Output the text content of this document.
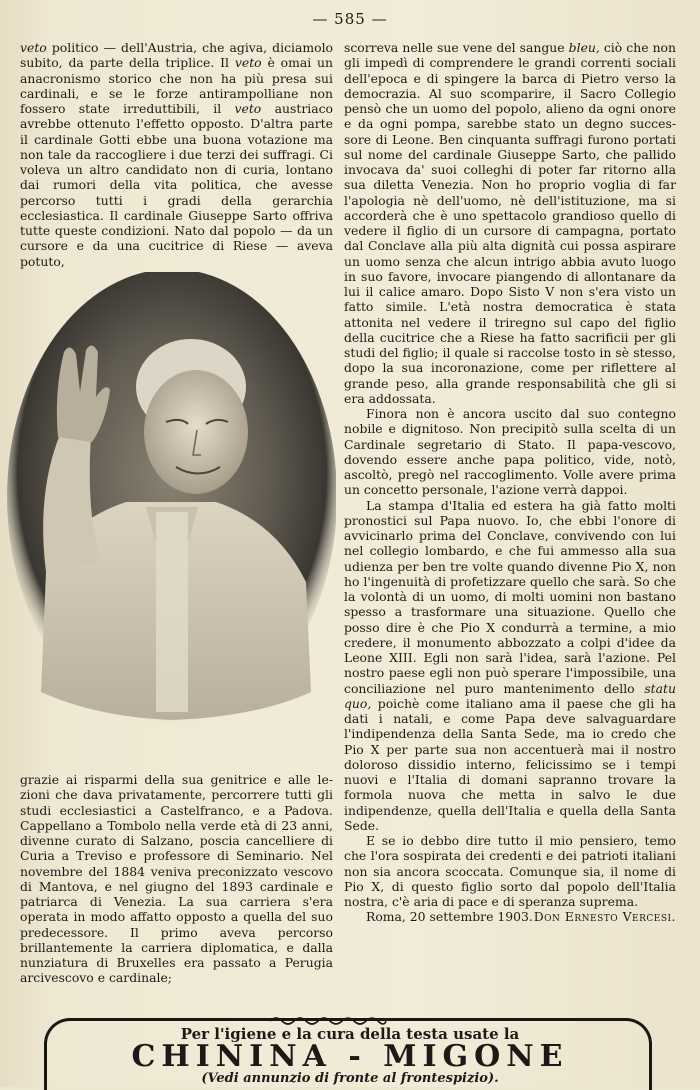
— 585 —

veto politico — dell'Austria, che agiva, diciamolo subito, da parte della triplice. Il veto è omai un anacronismo storico che non ha più presa sui cardinali, e se le forze antirampolliane non fossero state irreduttibili, il veto austriaco avrebbe ottenuto l'effetto opposto. D'altra parte il cardinale Gotti ebbe una buona votazione ma non tale da raccogliere i due terzi dei suffragi. Ci voleva un altro candidato non di curia, lontano dai rumori della vita politica, che avesse percorso tutti i gradi della gerarchia ecclesiastica. Il cardinale Giuseppe Sarto offriva tutte queste condizioni. Nato dal popolo — da un cursore e da una cucitrice di Riese — aveva potuto,

grazie ai risparmi della sua genitrice e alle lezioni che dava privatamente, percorrere tutti gli studi ecclesiastici a Castelfranco, e a Padova. Cappellano a Tombolo nella verde età di 23 anni, divenne curato di Salzano, poscia cancelliere di Curia a Treviso e professore di Seminario. Nel novembre del 1884 veniva preconizzato vescovo di Mantova, e nel giugno del 1893 cardinale e patriarca di Venezia. La sua carriera s'era operata in modo affatto opposto a quella del suo predecessore. Il primo aveva percorso brillantemente la carriera diplomatica, e dalla nunziatura di Bruxelles era passato a Perugia arcivescovo e cardinale;

scorreva nelle sue vene del sangue bleu, ciò che non gli impedì di comprendere le grandi correnti sociali dell'epoca e di spingere la barca di Pietro verso la democrazia. Al suo scomparire, il Sacro Collegio pensò che un uomo del popolo, alieno da ogni onore e da ogni pompa, sarebbe stato un degno successore di Leone. Ben cinquanta suffragi furono portati sul nome del cardinale Giuseppe Sarto, che pallido invocava da' suoi colleghi di poter far ritorno alla sua diletta Venezia. Non ho proprio voglia di far l'apologia nè dell'uomo, nè dell'istituzione, ma si accorderà che è uno spettacolo grandioso quello di vedere il figlio di un cursore di campagna, portato dal Conclave alla più alta dignità cui possa aspirare un uomo senza che alcun intrigo abbia avuto luogo in suo favore, invocare piangendo di allontanare da lui il calice amaro. Dopo Sisto V non s'era visto un fatto simile. L'età nostra democratica è stata attonita nel vedere il triregno sul capo del figlio della cucitrice che a Riese ha fatto sacrificii per gli studi del figlio; il quale si raccolse tosto in sè stesso, dopo la sua incoronazione, come per riflettere al grande peso, alla grande responsabilità che gli si era addossata.

Finora non è ancora uscito dal suo contegno nobile e dignitoso. Non precipitò sulla scelta di un Cardinale segretario di Stato. Il papa-vescovo, dovendo essere anche papa politico, vide, notò, ascoltò, pregò nel raccoglimento. Volle avere prima un concetto personale, l'azione verrà dappoi.

La stampa d'Italia ed estera ha già fatto molti pronostici sul Papa nuovo. Io, che ebbi l'onore di avvicinarlo prima del Conclave, convivendo con lui nel collegio lombardo, e che fui ammesso alla sua udienza per ben tre volte quando divenne Pio X, non ho l'ingenuità di profetizzare quello che sarà. So che la volontà di un uomo, di molti uomini non bastano spesso a trasformare una situazione. Quello che posso dire è che Pio X condurrà a termine, a mio credere, il monumento abbozzato a colpi d'idee da Leone XIII. Egli non sarà l'idea, sarà l'azione. Pel nostro paese egli non può sperare l'impossibile, una conciliazione nel puro mantenimento dello statu quo, poichè come italiano ama il paese che gli ha dati i natali, e come Papa deve salvaguardare l'indipendenza della Santa Sede, ma io credo che Pio X per parte sua non accentuerà mai il nostro doloroso dissidio interno, felicissimo se i tempi nuovi e l'Italia di domani sapranno trovare la formola nuova che metta in salvo le due indipendenze, quella dell'Italia e quella della Santa Sede.

E se io debbo dire tutto il mio pensiero, temo che l'ora sospirata dei credenti e dei patrioti italiani non sia ancora scoccata. Comunque sia, il nome di Pio X, di questo figlio sorto dal popolo dell'Italia nostra, c'è aria di pace e di speranza suprema.

Roma, 20 settembre 1903. Don Ernesto Vercesi.
Per l'igiene e la cura della testa usate la
CHININA - MIGONE
(Vedi annunzio di fronte al frontespizio).
